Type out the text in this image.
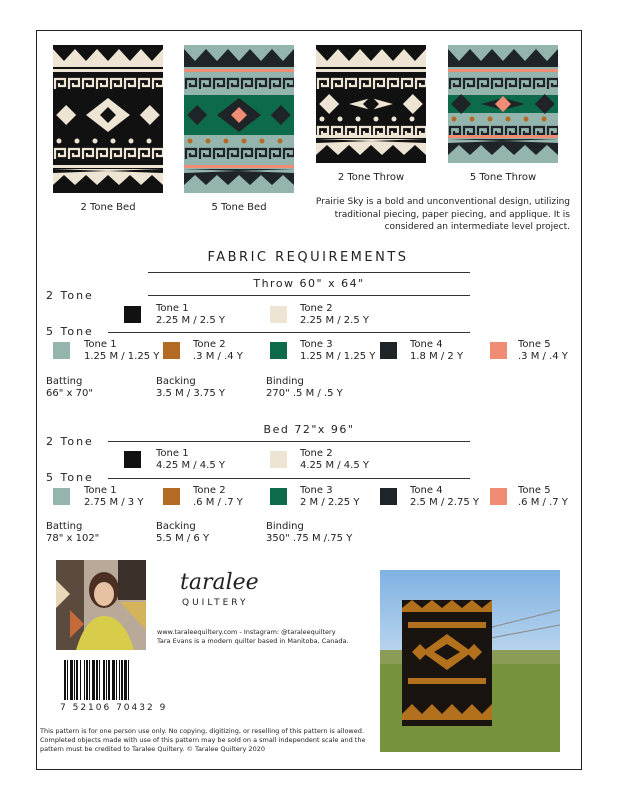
2 Tone Bed	5 Tone Bed
2 Tone Throw	5 Tone Throw
Prairie Sky is a bold and unconventional design, utilizing traditional piecing, paper piecing, and applique. It is considered an intermediate level project.
FABRIC REQUIREMENTS
Throw 60" x 64"
2 Tone
Tone 1
2.25 M / 2.5 Y
Tone 2
2.25 M / 2.5 Y
5 Tone
Tone 1
1.25 M / 1.25 Y
Tone 2
.3 M / .4 Y
Tone 3
1.25 M / 1.25 Y
Tone 4
1.8 M / 2 Y
Tone 5
.3 M / .4 Y
Batting
66" x 70"
Backing
3.5 M / 3.75 Y
Binding
270" .5 M / .5 Y
Bed 72"x 96"
2 Tone
Tone 1
4.25 M / 4.5 Y
Tone 2
4.25 M / 4.5 Y
5 Tone
Tone 1
2.75 M / 3 Y
Tone 2
.6 M / .7 Y
Tone 3
2 M / 2.25 Y
Tone 4
2.5 M / 2.75 Y
Tone 5
.6 M / .7 Y
Batting
78" x 102"
Backing
5.5 M / 6 Y
Binding
350" .75 M /.75 Y
taralee
QUILTERY
www.taraleequiltery.com - Instagram: @taraleequiltery
Tara Evans is a modern quilter based in Manitoba, Canada.
7 52106 70432 9
This pattern is for one person use only. No copying, digitizing, or reselling of this pattern is allowed. Completed objects made with use of this pattern may be sold on a small independent scale and the pattern must be credited to Taralee Quiltery. © Taralee Quiltery 2020
